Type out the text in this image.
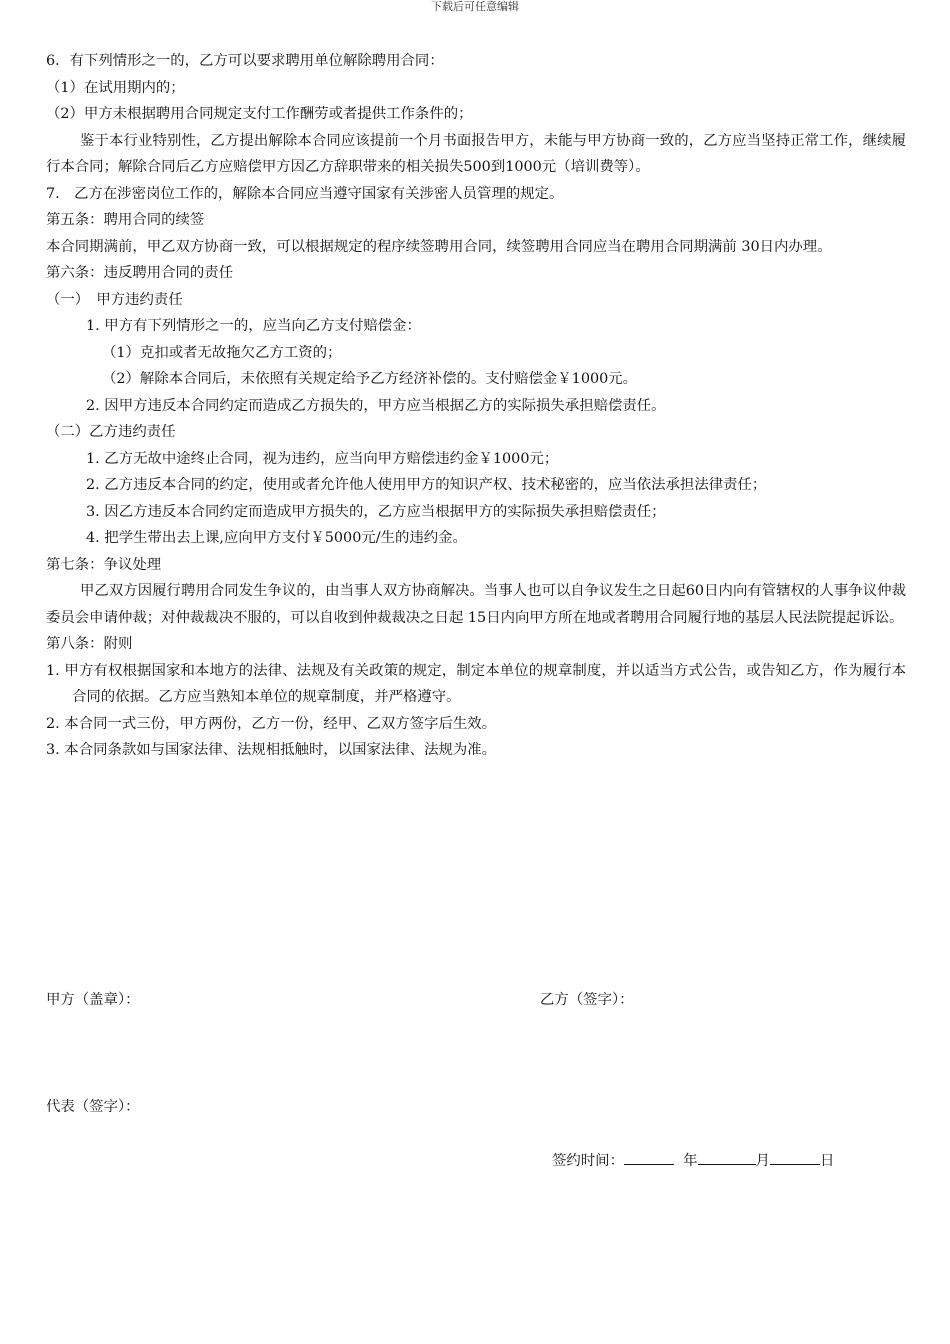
下载后可任意编辑

6．有下列情形之一的，乙方可以要求聘用单位解除聘用合同：

（1）在试用期内的；

（2）甲方未根据聘用合同规定支付工作酬劳或者提供工作条件的；

鉴于本行业特别性，乙方提出解除本合同应该提前一个月书面报告甲方，未能与甲方协商一致的，乙方应当坚持正常工作，继续履行本合同；解除合同后乙方应赔偿甲方因乙方辞职带来的相关损失500到1000元（培训费等）。

7.　乙方在涉密岗位工作的，解除本合同应当遵守国家有关涉密人员管理的规定。

第五条：聘用合同的续签

本合同期满前，甲乙双方协商一致，可以根据规定的程序续签聘用合同，续签聘用合同应当在聘用合同期满前 30日内办理。

第六条：违反聘用合同的责任

（一）　甲方违约责任

1. 甲方有下列情形之一的，应当向乙方支付赔偿金：

（1）克扣或者无故拖欠乙方工资的；

（2）解除本合同后，未依照有关规定给予乙方经济补偿的。支付赔偿金￥1000元。

2. 因甲方违反本合同约定而造成乙方损失的，甲方应当根据乙方的实际损失承担赔偿责任。

（二）乙方违约责任

1. 乙方无故中途终止合同，视为违约，应当向甲方赔偿违约金￥1000元；

2. 乙方违反本合同的约定，使用或者允许他人使用甲方的知识产权、技术秘密的，应当依法承担法律责任；

3. 因乙方违反本合同约定而造成甲方损失的，乙方应当根据甲方的实际损失承担赔偿责任；

4. 把学生带出去上课,应向甲方支付￥5000元/生的违约金。

第七条：争议处理

甲乙双方因履行聘用合同发生争议的，由当事人双方协商解决。当事人也可以自争议发生之日起60日内向有管辖权的人事争议仲裁委员会申请仲裁；对仲裁裁决不服的，可以自收到仲裁裁决之日起 15日内向甲方所在地或者聘用合同履行地的基层人民法院提起诉讼。

第八条：附则

1. 甲方有权根据国家和本地方的法律、法规及有关政策的规定，制定本单位的规章制度，并以适当方式公告，或告知乙方，作为履行本合同的依据。乙方应当熟知本单位的规章制度，并严格遵守。

2. 本合同一式三份，甲方两份，乙方一份，经甲、乙双方签字后生效。

3. 本合同条款如与国家法律、法规相抵触时，以国家法律、法规为准。

甲方（盖章）：	乙方（签字）：
代表（签字）：
签约时间：	年	月	日
